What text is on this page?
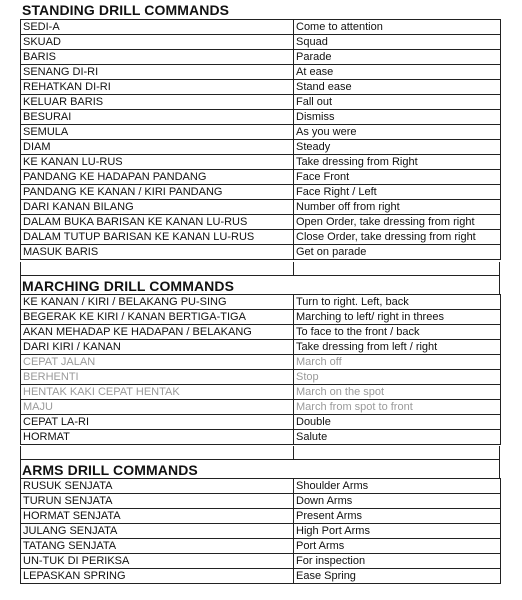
STANDING DRILL COMMANDS
SEDI-A	Come to attention
SKUAD	Squad
BARIS	Parade
SENANG DI-RI	At ease
REHATKAN DI-RI	Stand ease
KELUAR BARIS	Fall out
BESURAI	Dismiss
SEMULA	As you were
DIAM	Steady
KE KANAN LU-RUS	Take dressing from Right
PANDANG KE HADAPAN PANDANG	Face Front
PANDANG KE KANAN / KIRI PANDANG	Face Right / Left
DARI KANAN BILANG	Number off from right
DALAM BUKA BARISAN KE KANAN LU-RUS	Open Order, take dressing from right
DALAM TUTUP BARISAN KE KANAN LU-RUS	Close Order, take dressing from right
MASUK BARIS	Get on parade
MARCHING DRILL COMMANDS
KE KANAN / KIRI / BELAKANG PU-SING	Turn to right. Left, back
BEGERAK KE KIRI / KANAN BERTIGA-TIGA	Marching to left/ right in threes
AKAN MEHADAP KE HADAPAN / BELAKANG	To face to the front / back
DARI KIRI / KANAN	Take dressing from left / right
CEPAT JALAN	March off
BERHENTI	Stop
HENTAK KAKI CEPAT HENTAK	March on the spot
MAJU	March from spot to front
CEPAT LA-RI	Double
HORMAT	Salute
ARMS DRILL COMMANDS
RUSUK SENJATA	Shoulder Arms
TURUN SENJATA	Down Arms
HORMAT SENJATA	Present Arms
JULANG SENJATA	High Port Arms
TATANG SENJATA	Port Arms
UN-TUK DI PERIKSA	For inspection
LEPASKAN SPRING	Ease Spring
